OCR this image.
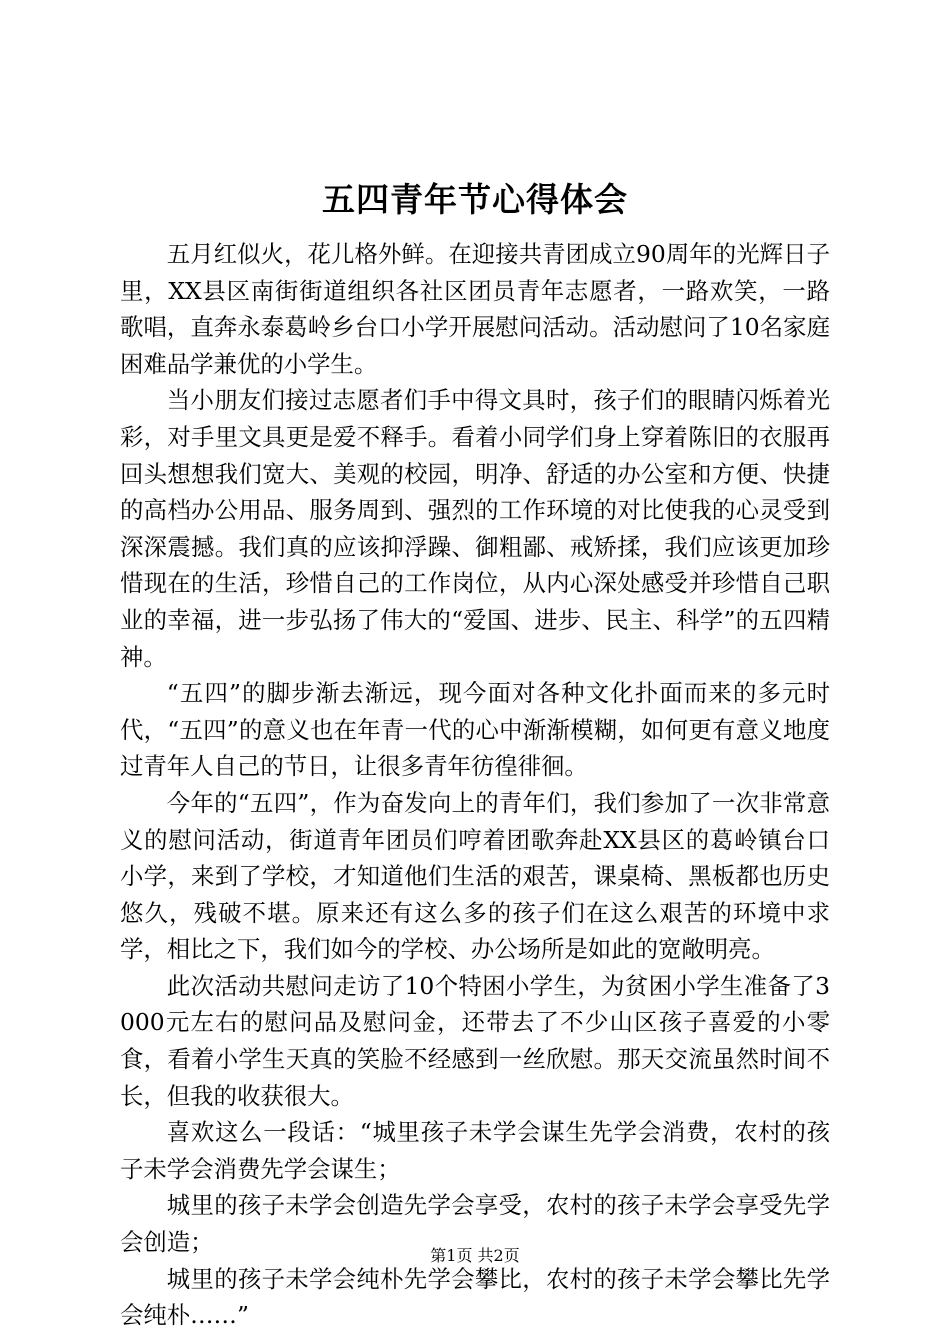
五四青年节心得体会

五月红似火，花儿格外鲜。在迎接共青团成立90周年的光辉日子里，XX县区南街街道组织各社区团员青年志愿者，一路欢笑，一路歌唱，直奔永泰葛岭乡台口小学开展慰问活动。活动慰问了10名家庭困难品学兼优的小学生。

当小朋友们接过志愿者们手中得文具时，孩子们的眼睛闪烁着光彩，对手里文具更是爱不释手。看着小同学们身上穿着陈旧的衣服再回头想想我们宽大、美观的校园，明净、舒适的办公室和方便、快捷的高档办公用品、服务周到、强烈的工作环境的对比使我的心灵受到深深震撼。我们真的应该抑浮躁、御粗鄙、戒矫揉，我们应该更加珍惜现在的生活，珍惜自己的工作岗位，从内心深处感受并珍惜自己职业的幸福，进一步弘扬了伟大的“爱国、进步、民主、科学”的五四精神。

“五四”的脚步渐去渐远，现今面对各种文化扑面而来的多元时代，“五四”的意义也在年青一代的心中渐渐模糊，如何更有意义地度过青年人自己的节日，让很多青年彷徨徘徊。

今年的“五四”，作为奋发向上的青年们，我们参加了一次非常意义的慰问活动，街道青年团员们哼着团歌奔赴XX县区的葛岭镇台口小学，来到了学校，才知道他们生活的艰苦，课桌椅、黑板都也历史悠久，残破不堪。原来还有这么多的孩子们在这么艰苦的环境中求学，相比之下，我们如今的学校、办公场所是如此的宽敞明亮。

此次活动共慰问走访了10个特困小学生，为贫困小学生准备了3000元左右的慰问品及慰问金，还带去了不少山区孩子喜爱的小零食，看着小学生天真的笑脸不经感到一丝欣慰。那天交流虽然时间不长，但我的收获很大。

喜欢这么一段话：“城里孩子未学会谋生先学会消费，农村的孩子未学会消费先学会谋生；

城里的孩子未学会创造先学会享受，农村的孩子未学会享受先学会创造；

城里的孩子未学会纯朴先学会攀比，农村的孩子未学会攀比先学会纯朴……”

第1页 共2页
